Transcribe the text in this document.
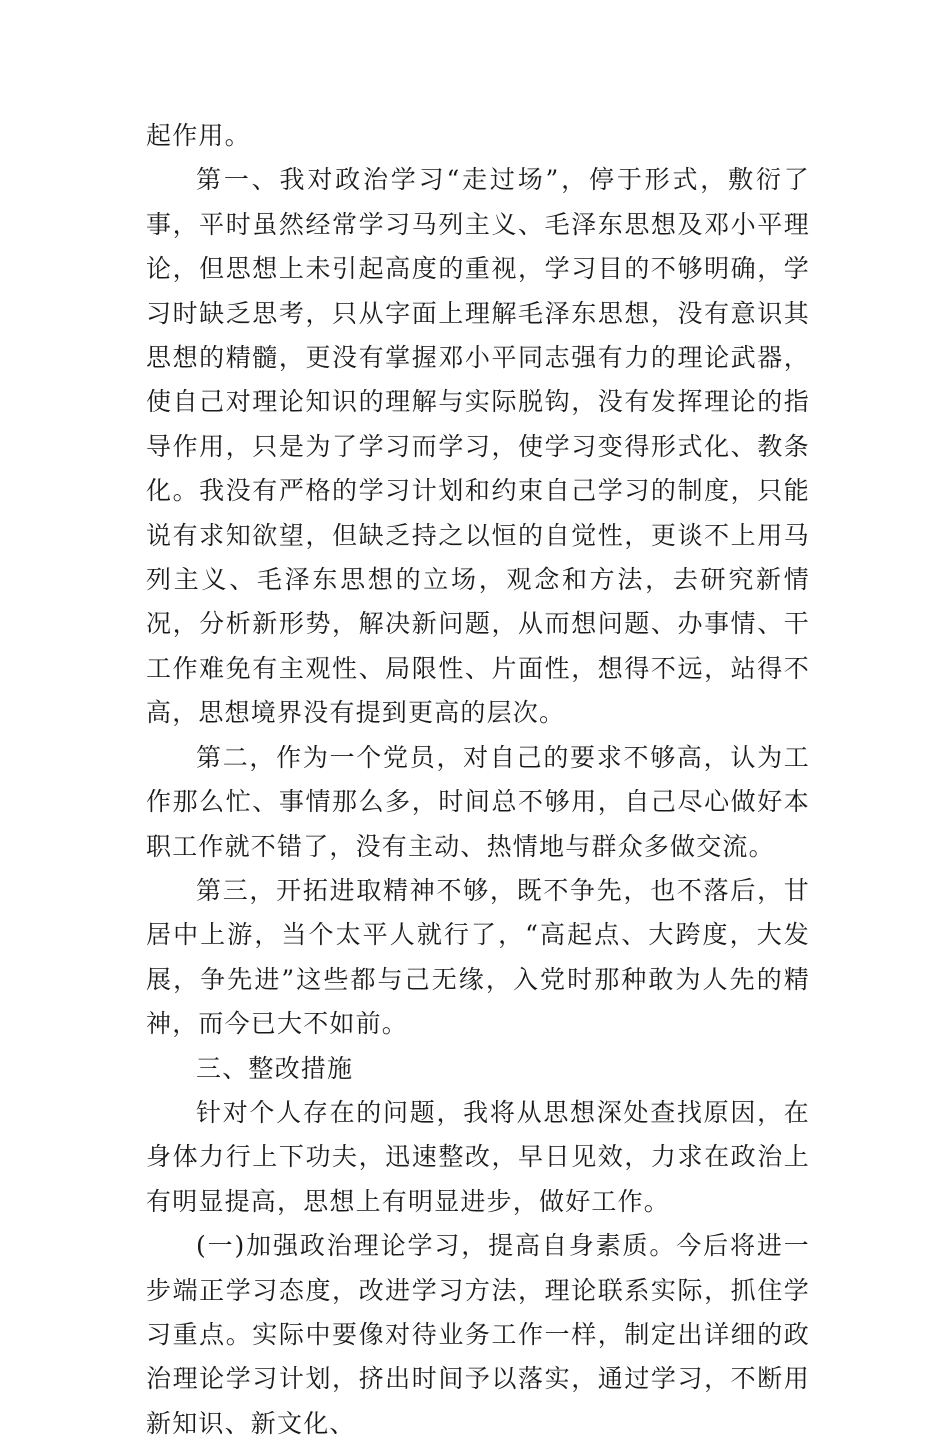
起作用。

第一、我对政治学习“走过场”，停于形式，敷衍了事，平时虽然经常学习马列主义、毛泽东思想及邓小平理论，但思想上未引起高度的重视，学习目的不够明确，学习时缺乏思考，只从字面上理解毛泽东思想，没有意识其思想的精髓，更没有掌握邓小平同志强有力的理论武器，使自己对理论知识的理解与实际脱钩，没有发挥理论的指导作用，只是为了学习而学习，使学习变得形式化、教条化。我没有严格的学习计划和约束自己学习的制度，只能说有求知欲望，但缺乏持之以恒的自觉性，更谈不上用马列主义、毛泽东思想的立场，观念和方法，去研究新情况，分析新形势，解决新问题，从而想问题、办事情、干工作难免有主观性、局限性、片面性，想得不远，站得不高，思想境界没有提到更高的层次。

第二，作为一个党员，对自己的要求不够高，认为工作那么忙、事情那么多，时间总不够用，自己尽心做好本职工作就不错了，没有主动、热情地与群众多做交流。

第三，开拓进取精神不够，既不争先，也不落后，甘居中上游，当个太平人就行了，“高起点、大跨度，大发展，争先进”这些都与己无缘，入党时那种敢为人先的精神，而今已大不如前。

三、整改措施

针对个人存在的问题，我将从思想深处查找原因，在身体力行上下功夫，迅速整改，早日见效，力求在政治上有明显提高，思想上有明显进步，做好工作。

(一)加强政治理论学习，提高自身素质。今后将进一步端正学习态度，改进学习方法，理论联系实际，抓住学习重点。实际中要像对待业务工作一样，制定出详细的政治理论学习计划，挤出时间予以落实，通过学习，不断用新知识、新文化、
